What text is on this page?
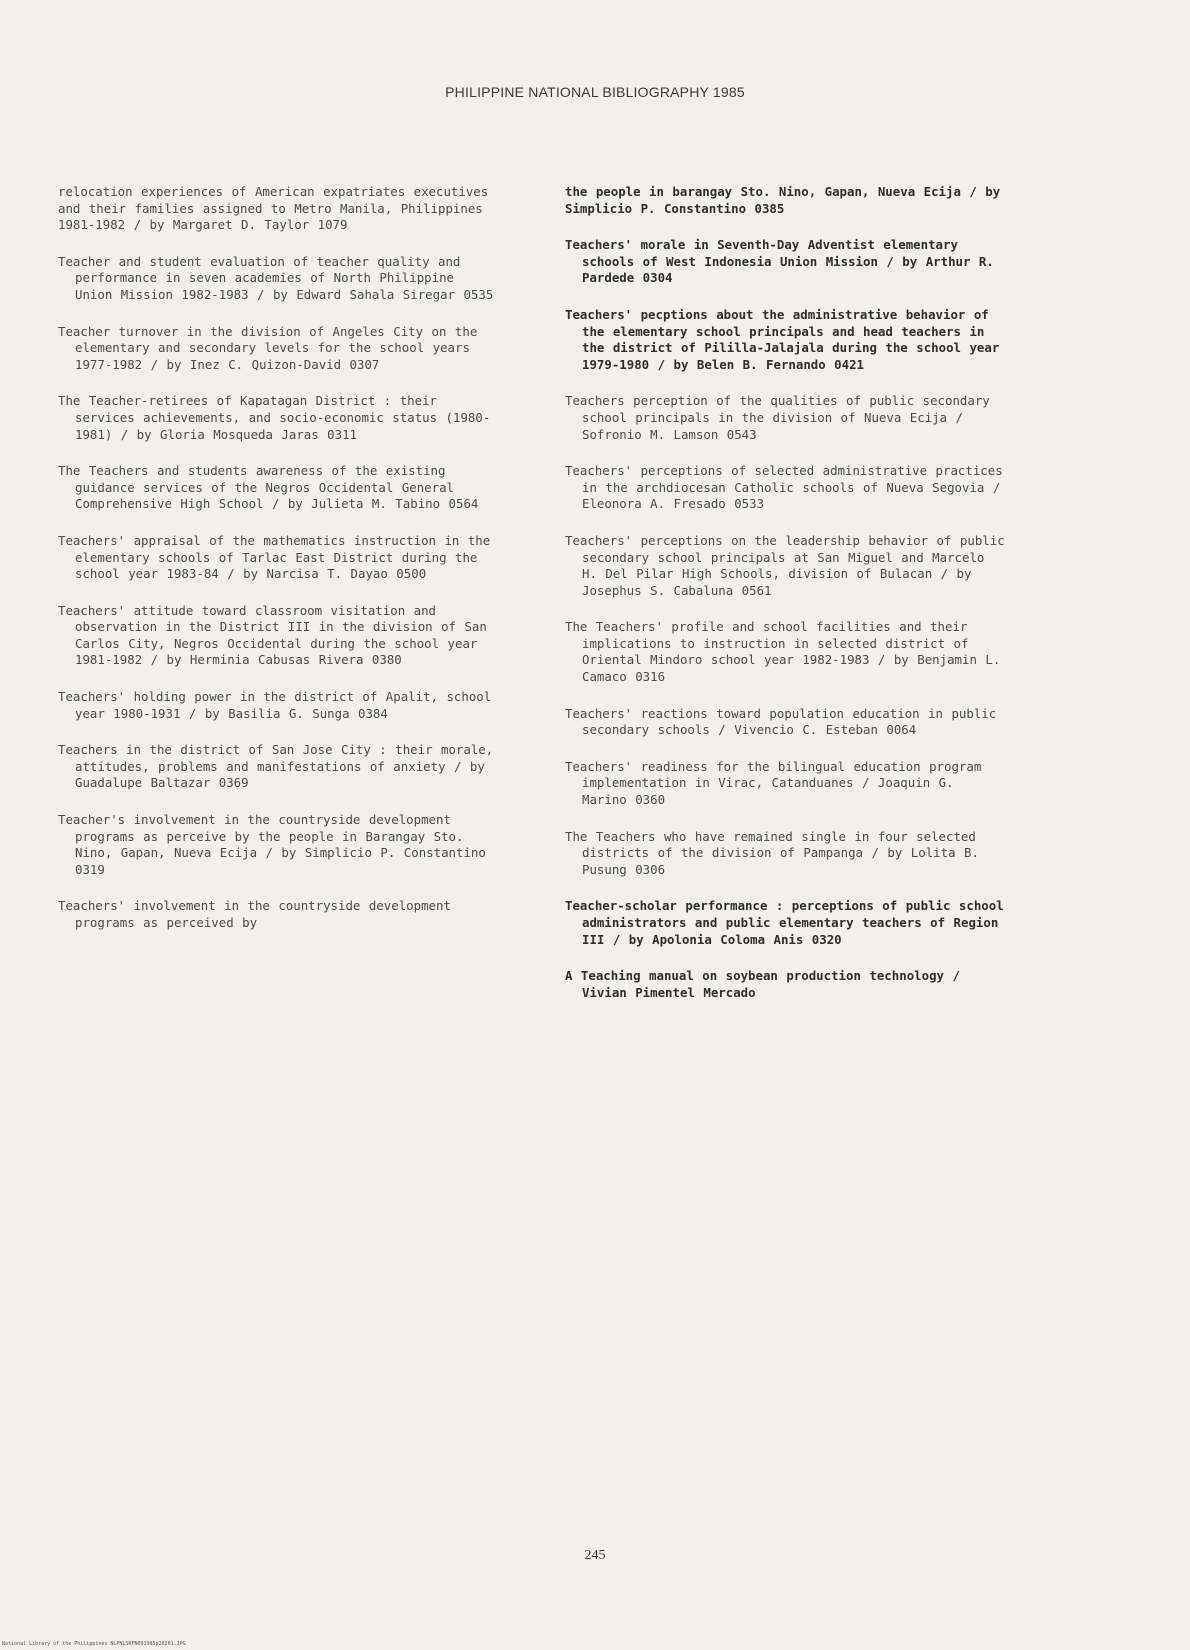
PHILIPPINE NATIONAL BIBLIOGRAPHY 1985
relocation experiences of American expatriates executives and their families assigned to Metro Manila, Philippines 1981-1982 / by Margaret D. Taylor 1079
Teacher and student evaluation of teacher quality and performance in seven academies of North Philippine Union Mission 1982-1983 / by Edward Sahala Siregar 0535
Teacher turnover in the division of Angeles City on the elementary and secondary levels for the school years 1977-1982 / by Inez C. Quizon-David 0307
The Teacher-retirees of Kapatagan District : their services achievements, and socio-economic status (1980-1981) / by Gloria Mosqueda Jaras 0311
The Teachers and students awareness of the existing guidance services of the Negros Occidental General Comprehensive High School / by Julieta M. Tabino 0564
Teachers' appraisal of the mathematics instruction in the elementary schools of Tarlac East District during the school year 1983-84 / by Narcisa T. Dayao 0500
Teachers' attitude toward classroom visitation and observation in the District III in the division of San Carlos City, Negros Occidental during the school year 1981-1982 / by Herminia Cabusas Rivera 0380
Teachers' holding power in the district of Apalit, school year 1980-1931 / by Basilia G. Sunga 0384
Teachers in the district of San Jose City : their morale, attitudes, problems and manifestations of anxiety / by Guadalupe Baltazar 0369
Teacher's involvement in the countryside development programs as perceive by the people in Barangay Sto. Nino, Gapan, Nueva Ecija / by Simplicio P. Constantino 0319
Teachers' involvement in the countryside development programs as perceived by
the people in barangay Sto. Nino, Gapan, Nueva Ecija / by Simplicio P. Constantino 0385
Teachers' morale in Seventh-Day Adventist elementary schools of West Indonesia Union Mission / by Arthur R. Pardede 0304
Teachers' pecptions about the administrative behavior of the elementary school principals and head teachers in the district of Pililla-Jalajala during the school year 1979-1980 / by Belen B. Fernando 0421
Teachers perception of the qualities of public secondary school principals in the division of Nueva Ecija / Sofronio M. Lamson 0543
Teachers' perceptions of selected administrative practices in the archdiocesan Catholic schools of Nueva Segovia / Eleonora A. Fresado 0533
Teachers' perceptions on the leadership behavior of public secondary school principals at San Miguel and Marcelo H. Del Pilar High Schools, division of Bulacan / by Josephus S. Cabaluna 0561
The Teachers' profile and school facilities and their implications to instruction in selected district of Oriental Mindoro school year 1982-1983 / by Benjamin L. Camaco 0316
Teachers' reactions toward population education in public secondary schools / Vivencio C. Esteban 0064
Teachers' readiness for the bilingual education program implementation in Virac, Catanduanes / Joaquin G. Marino 0360
The Teachers who have remained single in four selected districts of the division of Pampanga / by Lolita B. Pusung 0306
Teacher-scholar performance : perceptions of public school administrators and public elementary teachers of Region III / by Apolonia Coloma Anis 0320
A Teaching manual on soybean production technology / Vivian Pimentel Mercado
245
National Library of the Philippines NLPNLSRFN091985p20261.JPG
